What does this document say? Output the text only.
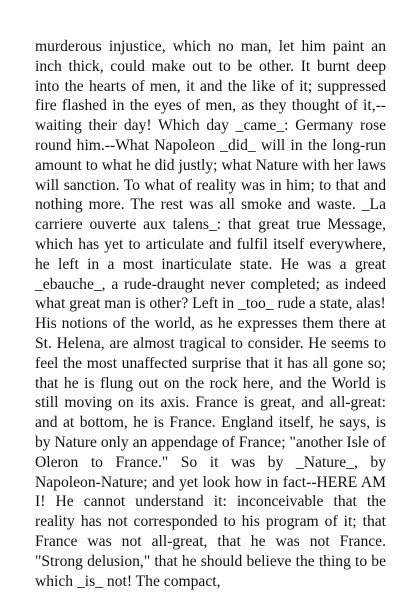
murderous injustice, which no man, let him paint an inch thick, could make out to be other. It burnt deep into the hearts of men, it and the like of it; suppressed fire flashed in the eyes of men, as they thought of it,--waiting their day! Which day _came_: Germany rose round him.--What Napoleon _did_ will in the long-run amount to what he did justly; what Nature with her laws will sanction. To what of reality was in him; to that and nothing more. The rest was all smoke and waste. _La carriere ouverte aux talens_: that great true Message, which has yet to articulate and fulfil itself everywhere, he left in a most inarticulate state. He was a great _ebauche_, a rude-draught never completed; as indeed what great man is other? Left in _too_ rude a state, alas!

His notions of the world, as he expresses them there at St. Helena, are almost tragical to consider. He seems to feel the most unaffected surprise that it has all gone so; that he is flung out on the rock here, and the World is still moving on its axis. France is great, and all-great: and at bottom, he is France. England itself, he says, is by Nature only an appendage of France; "another Isle of Oleron to France." So it was by _Nature_, by Napoleon-Nature; and yet look how in fact--HERE AM I! He cannot understand it: inconceivable that the reality has not corresponded to his program of it; that France was not all-great, that he was not France. "Strong delusion," that he should believe the thing to be which _is_ not! The compact,
